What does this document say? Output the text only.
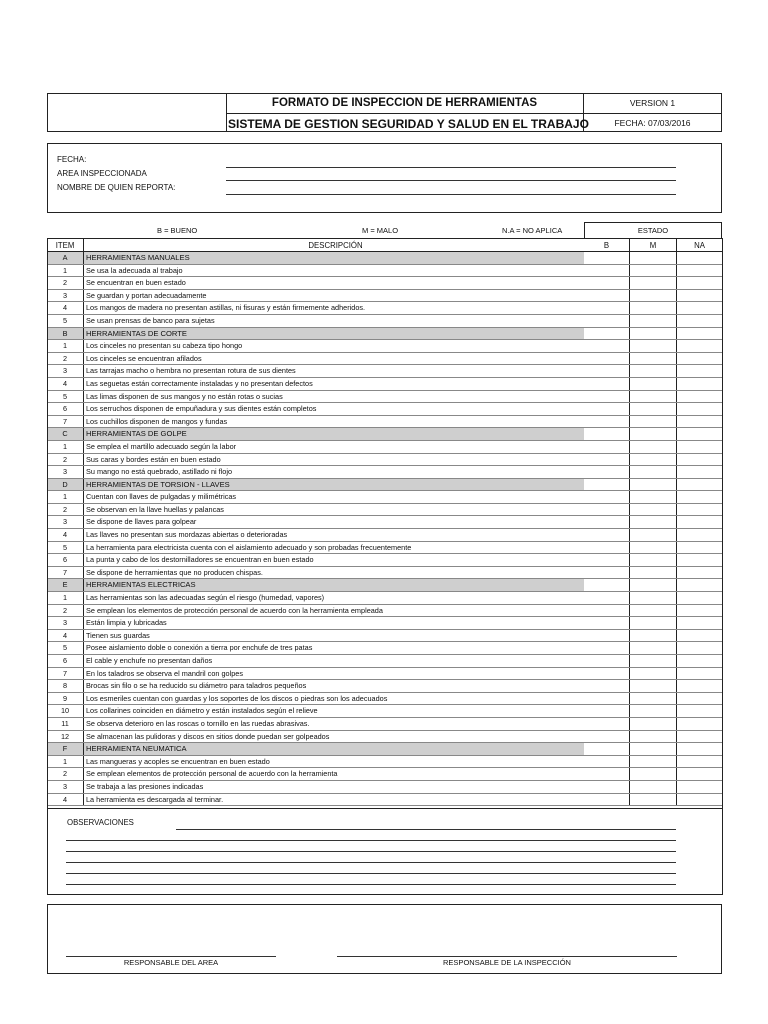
FORMATO DE INSPECCION DE HERRAMIENTAS
SISTEMA DE GESTION SEGURIDAD Y SALUD EN EL TRABAJO
VERSION 1
FECHA: 07/03/2016
FECHA:
AREA INSPECCIONADA
NOMBRE DE QUIEN REPORTA:
B = BUENO	M = MALO	N.A = NO APLICA	ESTADO
ITEM	DESCRIPCIÓN	B	M	NA
A	HERRAMIENTAS MANUALES
1	Se usa la adecuada al trabajo
2	Se encuentran en buen estado
3	Se guardan y portan adecuadamente
4	Los mangos de madera no presentan astillas, ni fisuras y están firmemente adheridos.
5	Se usan prensas de banco para sujetas
B	HERRAMIENTAS DE CORTE
1	Los cinceles no presentan su cabeza tipo hongo
2	Los cinceles se encuentran afilados
3	Las tarrajas macho o hembra no presentan rotura de sus dientes
4	Las seguetas están correctamente instaladas y no presentan defectos
5	Las limas disponen de sus mangos y no están rotas o sucias
6	Los serruchos disponen de empuñadura y sus dientes están completos
7	Los cuchillos disponen de mangos y fundas
C	HERRAMIENTAS DE GOLPE
1	Se emplea el martillo adecuado según la labor
2	Sus caras y bordes están en buen estado
3	Su mango no está quebrado, astillado ni flojo
D	HERRAMIENTAS DE TORSION - LLAVES
1	Cuentan con llaves de pulgadas y milimétricas
2	Se observan en la llave huellas y palancas
3	Se dispone de llaves para golpear
4	Las llaves no presentan sus mordazas abiertas o deterioradas
5	La herramienta para electricista cuenta con el aislamiento adecuado y son probadas frecuentemente
6	La punta y cabo de los destornilladores se encuentran en buen estado
7	Se dispone de herramientas que no producen chispas.
E	HERRAMIENTAS ELECTRICAS
1	Las herramientas son las adecuadas según el riesgo (humedad, vapores)
2	Se emplean los elementos de protección personal de acuerdo con la herramienta empleada
3	Están limpia y lubricadas
4	Tienen sus guardas
5	Posee aislamiento doble o conexión a tierra por enchufe de tres patas
6	El cable y enchufe no presentan daños
7	En los taladros se observa el mandril con golpes
8	Brocas sin filo o se ha reducido su diámetro para taladros pequeños
9	Los esmeriles cuentan con guardas y los soportes de los discos o piedras son los adecuados
10	Los collarines coinciden en diámetro y están instalados según el relieve
11	Se observa deterioro en las roscas o tornillo en las ruedas abrasivas.
12	Se almacenan las pulidoras y discos en sitios donde puedan ser golpeados
F	HERRAMIENTA NEUMATICA
1	Las mangueras y acoples se encuentran en buen estado
2	Se emplean elementos de protección personal de acuerdo con la herramienta
3	Se trabaja a las presiones indicadas
4	La herramienta es descargada al terminar.
OBSERVACIONES
RESPONSABLE DEL AREA	RESPONSABLE DE LA INSPECCIÓN
